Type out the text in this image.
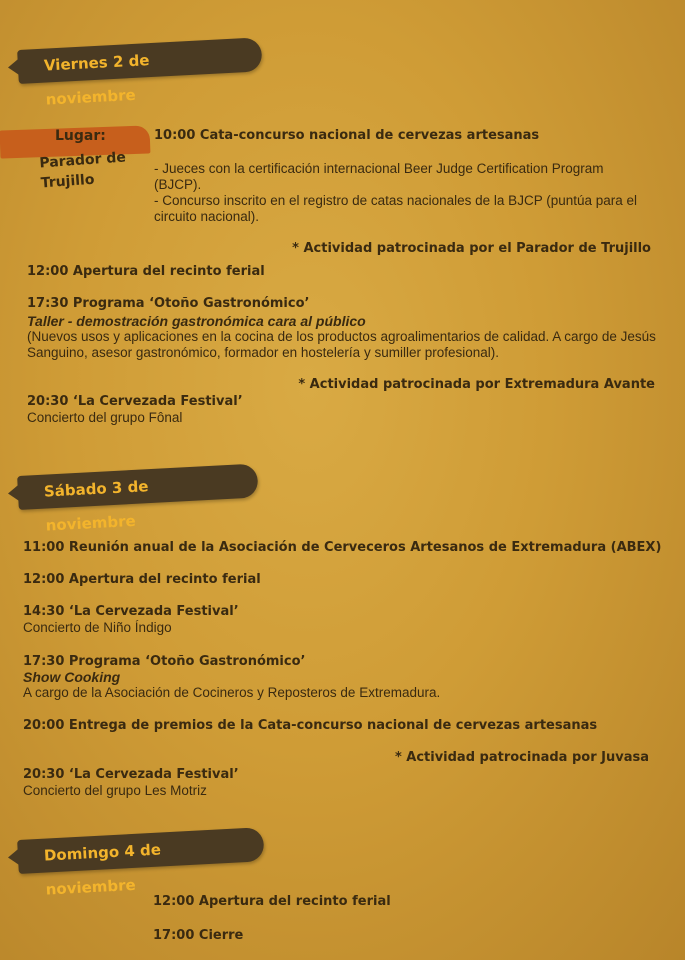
Viernes 2 de noviembre
Lugar:
Parador de Trujillo
10:00 Cata-concurso nacional de cervezas artesanas
- Jueces con la certificación internacional Beer Judge Certification Program (BJCP).
- Concurso inscrito en el registro de catas nacionales de la BJCP (puntúa para el circuito nacional).
* Actividad patrocinada por el Parador de Trujillo
12:00 Apertura del recinto ferial
17:30 Programa ‘Otoño Gastronómico’
Taller - demostración gastronómica cara al público
(Nuevos usos y aplicaciones en la cocina de los productos agroalimentarios de calidad. A cargo de Jesús Sanguino, asesor gastronómico, formador en hostelería y sumiller profesional).
* Actividad patrocinada por Extremadura Avante
20:30 ‘La Cervezada Festival’
Concierto del grupo Fônal
Sábado 3 de noviembre
11:00 Reunión anual de la Asociación de Cerveceros Artesanos de Extremadura (ABEX)
12:00 Apertura del recinto ferial
14:30 ‘La Cervezada Festival’
Concierto de Niño Índigo
17:30 Programa ‘Otoño Gastronómico’
Show Cooking
A cargo de la Asociación de Cocineros y Reposteros de Extremadura.
20:00 Entrega de premios de la Cata-concurso nacional de cervezas artesanas
* Actividad patrocinada por Juvasa
20:30 ‘La Cervezada Festival’
Concierto del grupo Les Motriz
Domingo 4 de noviembre
12:00 Apertura del recinto ferial
17:00 Cierre
